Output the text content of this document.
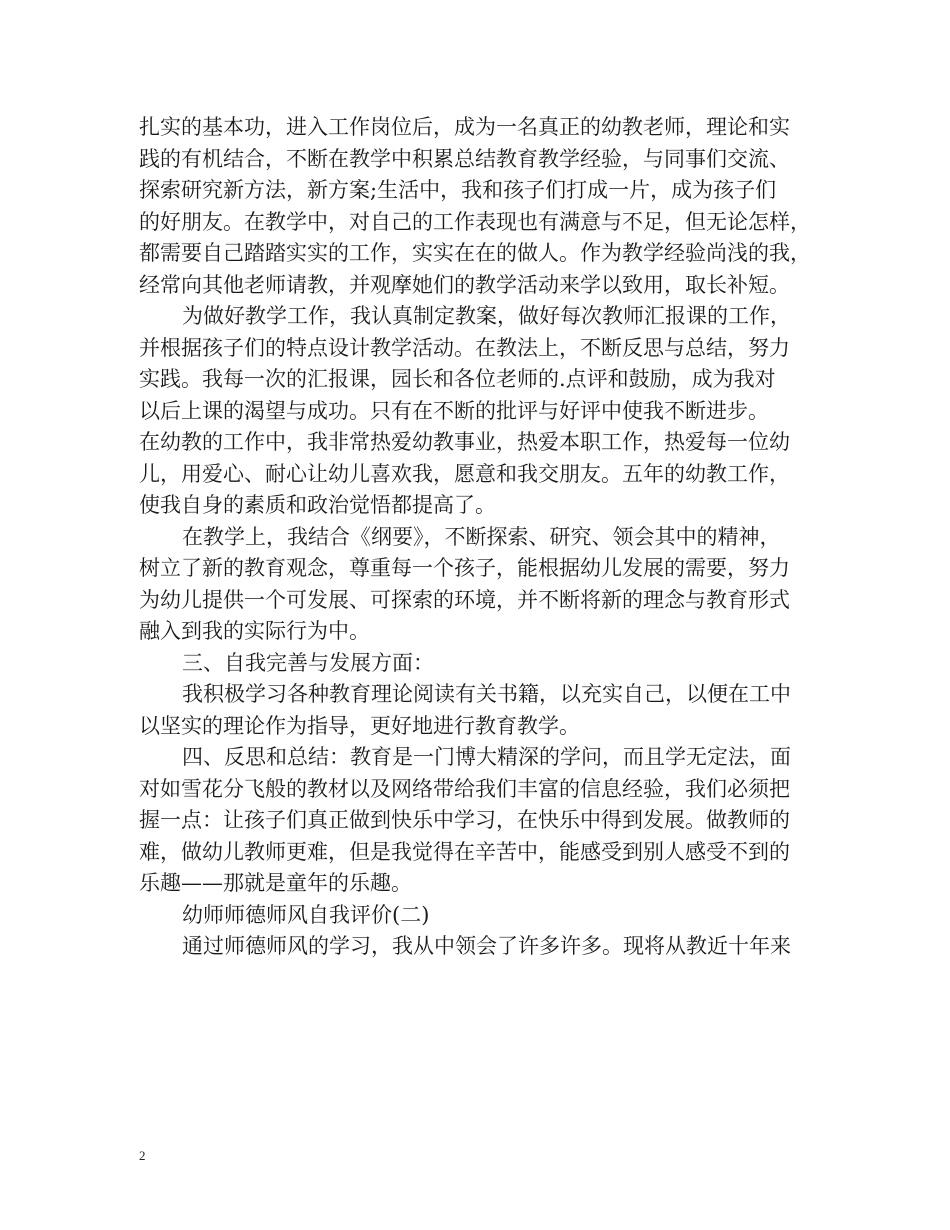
扎实的基本功，进入工作岗位后，成为一名真正的幼教老师，理论和实
践的有机结合，不断在教学中积累总结教育教学经验，与同事们交流、
探索研究新方法，新方案;生活中，我和孩子们打成一片，成为孩子们
的好朋友。在教学中，对自己的工作表现也有满意与不足，但无论怎样，
都需要自己踏踏实实的工作，实实在在的做人。作为教学经验尚浅的我，
经常向其他老师请教，并观摩她们的教学活动来学以致用，取长补短。
为做好教学工作，我认真制定教案，做好每次教师汇报课的工作，
并根据孩子们的特点设计教学活动。在教法上，不断反思与总结，努力
实践。我每一次的汇报课，园长和各位老师的.点评和鼓励，成为我对
以后上课的渴望与成功。只有在不断的批评与好评中使我不断进步。
在幼教的工作中，我非常热爱幼教事业，热爱本职工作，热爱每一位幼
儿，用爱心、耐心让幼儿喜欢我，愿意和我交朋友。五年的幼教工作，
使我自身的素质和政治觉悟都提高了。
在教学上，我结合《纲要》，不断探索、研究、领会其中的精神，
树立了新的教育观念，尊重每一个孩子，能根据幼儿发展的需要，努力
为幼儿提供一个可发展、可探索的环境，并不断将新的理念与教育形式
融入到我的实际行为中。
三、自我完善与发展方面：
我积极学习各种教育理论阅读有关书籍，以充实自己，以便在工中
以坚实的理论作为指导，更好地进行教育教学。
四、反思和总结：教育是一门博大精深的学问，而且学无定法，面
对如雪花分飞般的教材以及网络带给我们丰富的信息经验，我们必须把
握一点：让孩子们真正做到快乐中学习，在快乐中得到发展。做教师的
难，做幼儿教师更难，但是我觉得在辛苦中，能感受到别人感受不到的
乐趣——那就是童年的乐趣。
幼师师德师风自我评价(二)
通过师德师风的学习，我从中领会了许多许多。现将从教近十年来
2
